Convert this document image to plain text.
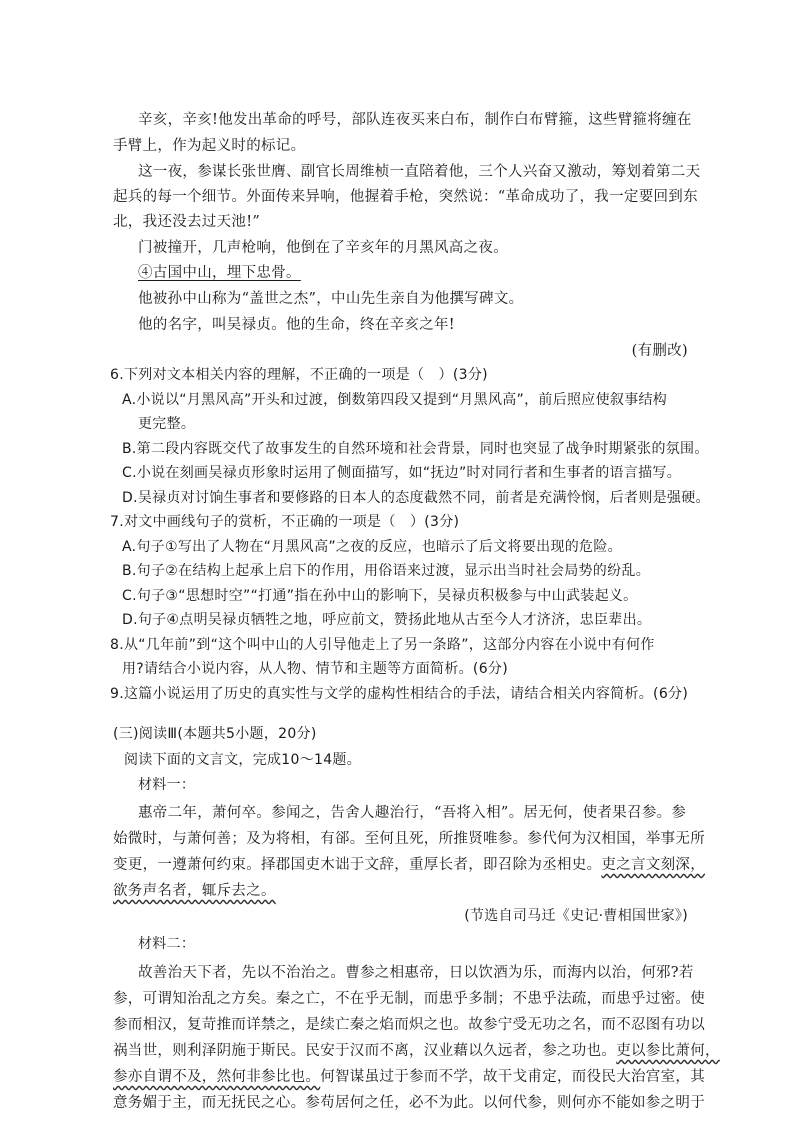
辛亥，辛亥!他发出革命的呼号，部队连夜买来白布，制作白布臂箍，这些臂箍将缠在
手臂上，作为起义时的标记。
这一夜，参谋长张世膺、副官长周维桢一直陪着他，三个人兴奋又激动，筹划着第二天
起兵的每一个细节。外面传来异响，他握着手枪，突然说：“革命成功了，我一定要回到东
北，我还没去过天池!”
门被撞开，几声枪响，他倒在了辛亥年的月黑风高之夜。
④古国中山，埋下忠骨。
他被孙中山称为“盖世之杰”，中山先生亲自为他撰写碑文。
他的名字，叫吴禄贞。他的生命，终在辛亥之年!
(有删改)
6.下列对文本相关内容的理解，不正确的一项是（　）(3分)
A.小说以“月黑风高”开头和过渡，倒数第四段又提到“月黑风高”，前后照应使叙事结构
更完整。
B.第二段内容既交代了故事发生的自然环境和社会背景，同时也突显了战争时期紧张的氛围。
C.小说在刻画吴禄贞形象时运用了侧面描写，如“抚边”时对同行者和生事者的语言描写。
D.吴禄贞对讨饷生事者和要修路的日本人的态度截然不同，前者是充满怜悯，后者则是强硬。
7.对文中画线句子的赏析，不正确的一项是（　）(3分)
A.句子①写出了人物在“月黑风高”之夜的反应，也暗示了后文将要出现的危险。
B.句子②在结构上起承上启下的作用，用俗语来过渡，显示出当时社会局势的纷乱。
C.句子③“思想时空”“打通”指在孙中山的影响下，吴禄贞积极参与中山武装起义。
D.句子④点明吴禄贞牺牲之地，呼应前文，赞扬此地从古至今人才济济，忠臣辈出。
8.从“几年前”到“这个叫中山的人引导他走上了另一条路”，这部分内容在小说中有何作
用?请结合小说内容，从人物、情节和主题等方面简析。(6分)
9.这篇小说运用了历史的真实性与文学的虚构性相结合的手法，请结合相关内容简析。(6分)
(三)阅读Ⅲ(本题共5小题，20分)
阅读下面的文言文，完成10～14题。
材料一：
惠帝二年，萧何卒。参闻之，告舍人趣治行，“吾将入相”。居无何，使者果召参。参
始微时，与萧何善；及为将相，有郤。至何且死，所推贤唯参。参代何为汉相国，举事无所
变更，一遵萧何约束。择郡国吏木诎于文辞，重厚长者，即召除为丞相史。吏之言文刻深，
欲务声名者，辄斥去之。
(节选自司马迁《史记·曹相国世家》)
材料二：
故善治天下者，先以不治治之。曹参之相惠帝，日以饮酒为乐，而海内以治，何邪?若
参，可谓知治乱之方矣。秦之亡，不在乎无制，而患乎多制；不患乎法疏，而患乎过密。使
参而相汉，复苛推而详禁之，是续亡秦之焰而炽之也。故参宁受无功之名，而不忍图有功以
祸当世，则利泽阴施于斯民。民安于汉而不离，汉业藉以久远者，参之功也。吏以参比萧何，
参亦自谓不及，然何非参比也。何智谋虽过于参而不学，故干戈甫定，而役民大治宫室，其
意务媚于主，而无抚民之心。参苟居何之任，必不为此。以何代参，则何亦不能如参之明于
